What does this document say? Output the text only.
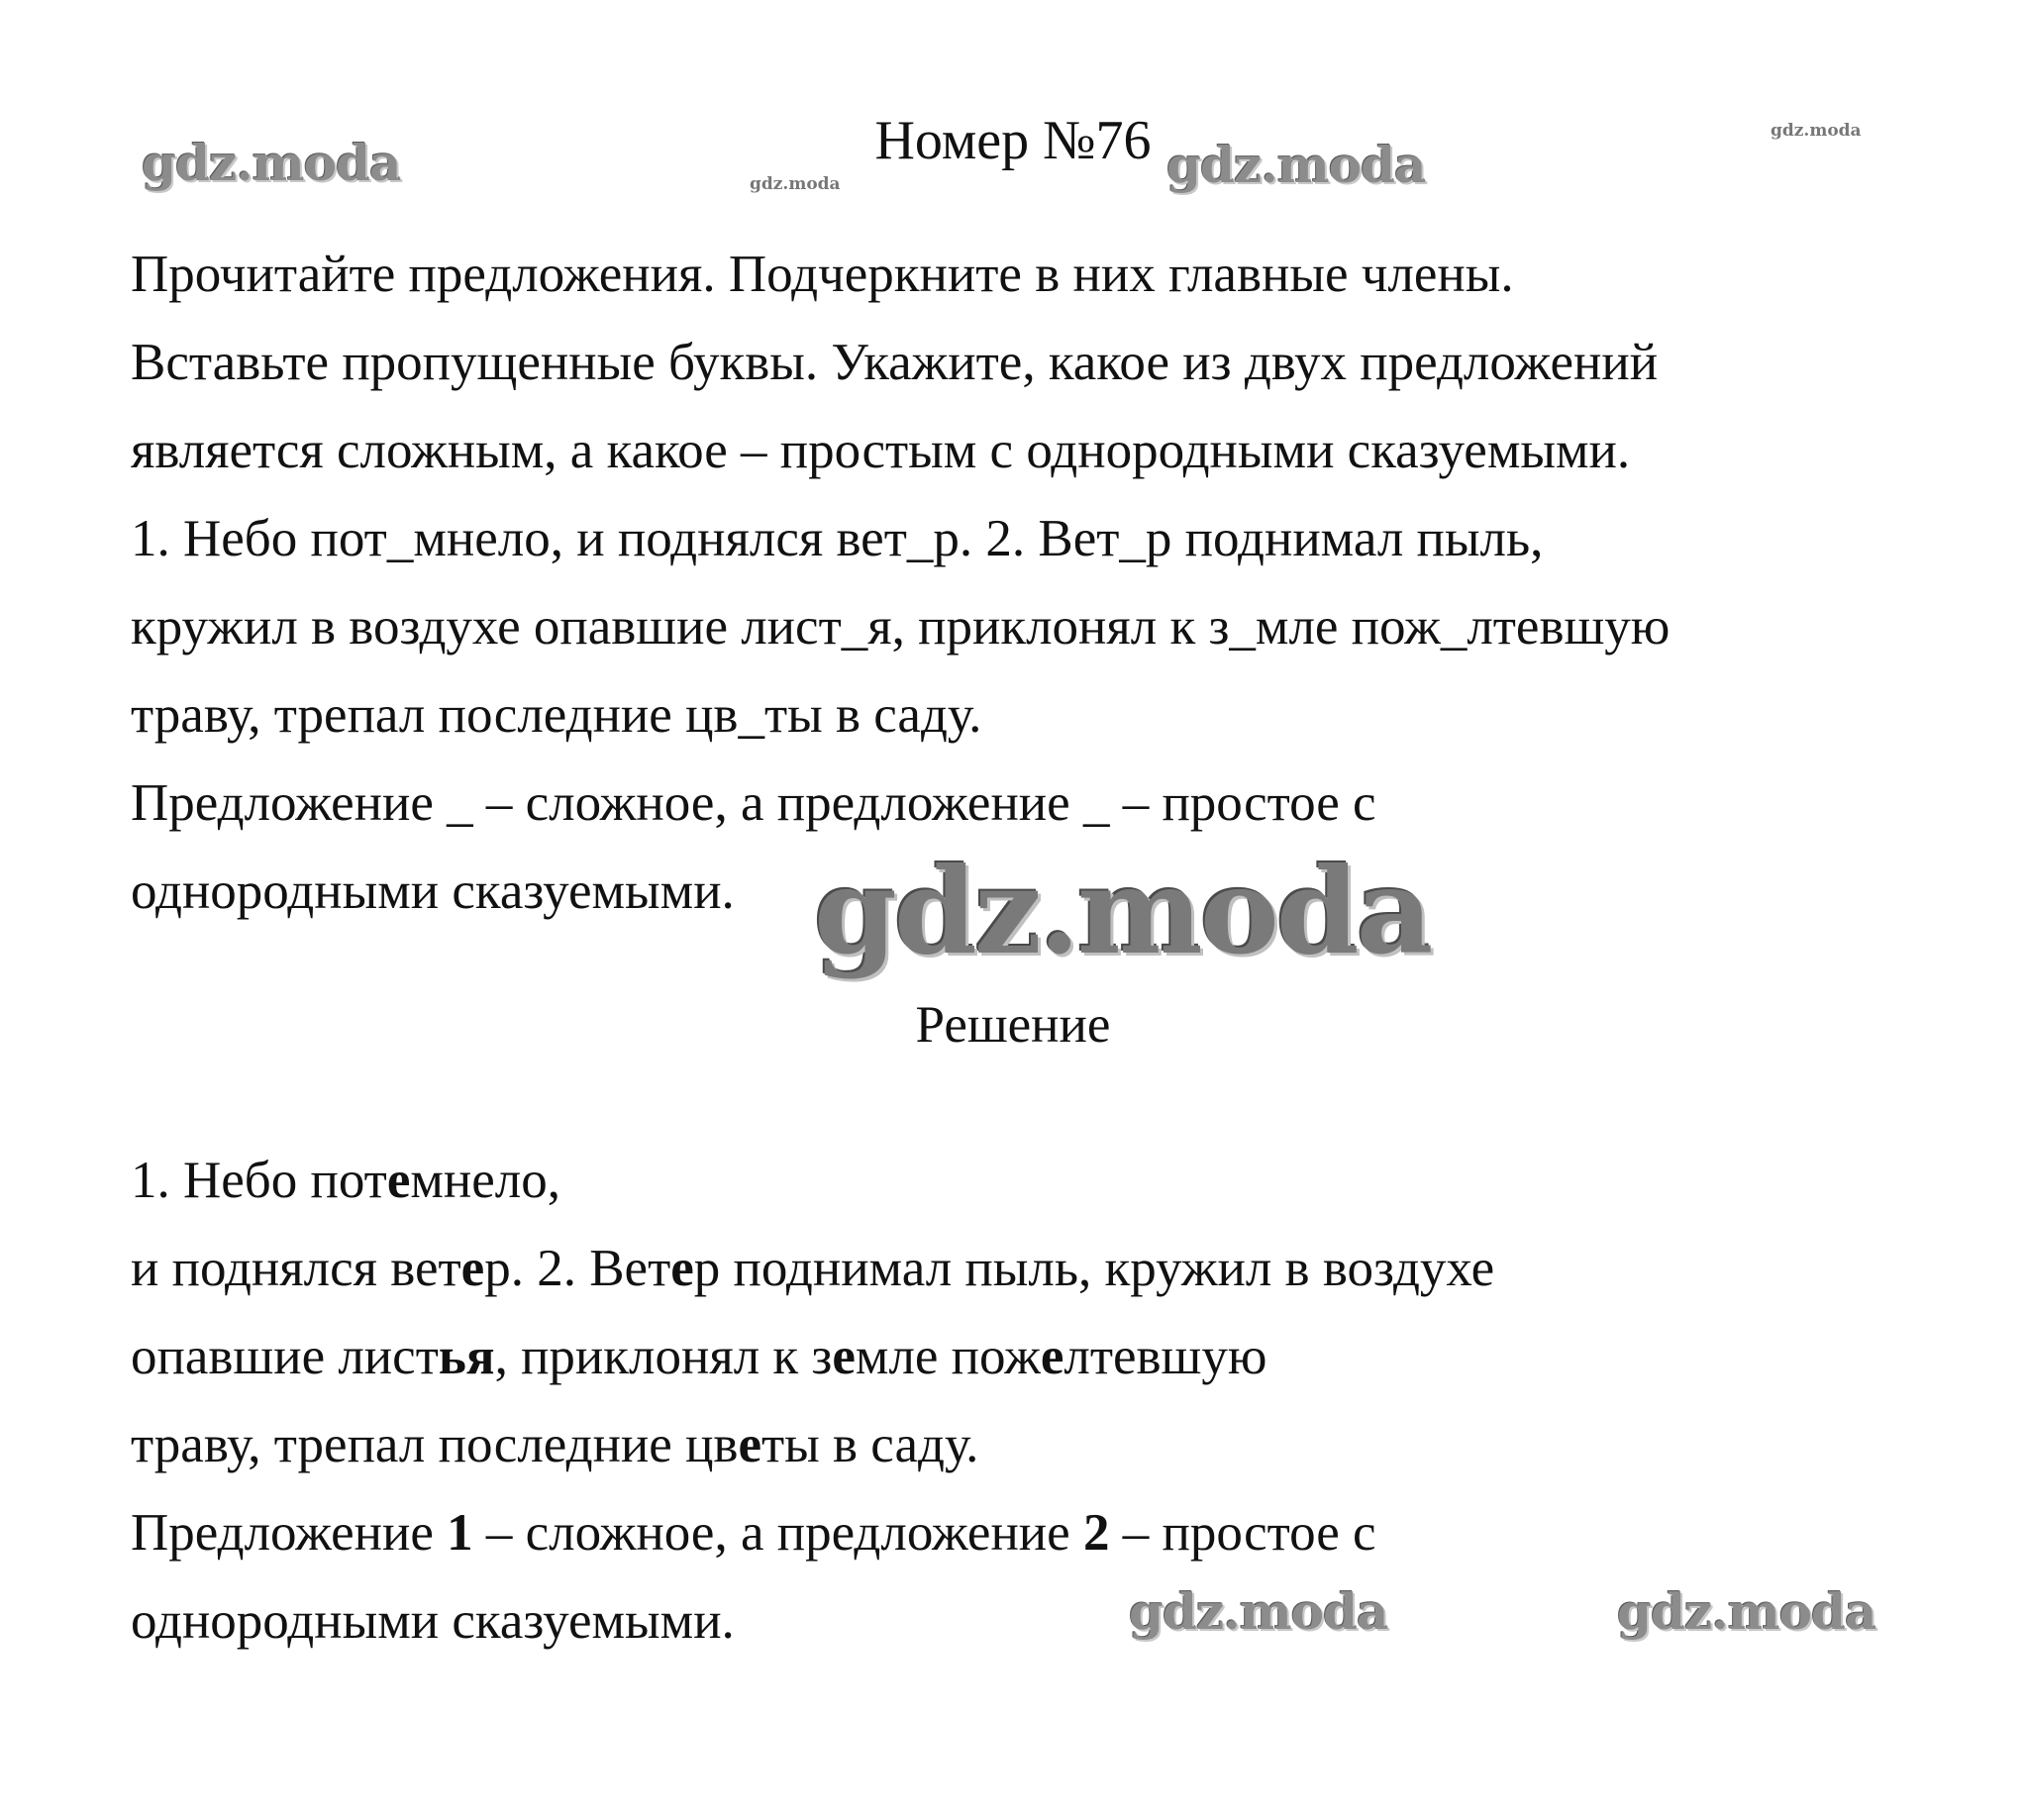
Номер №76
Прочитайте предложения. Подчеркните в них главные члены.
Вставьте пропущенные буквы. Укажите, какое из двух предложений
является сложным, а какое – простым с однородными сказуемыми.
1. Небо пот_мнело, и поднялся вет_р. 2. Вет_р поднимал пыль,
кружил в воздухе опавшие лист_я, приклонял к з_мле пож_лтевшую
траву, трепал последние цв_ты в саду.
Предложение _ – сложное, а предложение _ – простое с
однородными сказуемыми.
Решение
1. Небо потемнело,
и поднялся ветер. 2. Ветер поднимал пыль, кружил в воздухе
опавшие листья, приклонял к земле пожелтевшую
траву, трепал последние цветы в саду.
Предложение 1 – сложное, а предложение 2 – простое с
однородными сказуемыми.
gdz.moda	gdz.moda	gdz.moda
gdz.moda
gdz.moda
gdz.moda	gdz.moda
